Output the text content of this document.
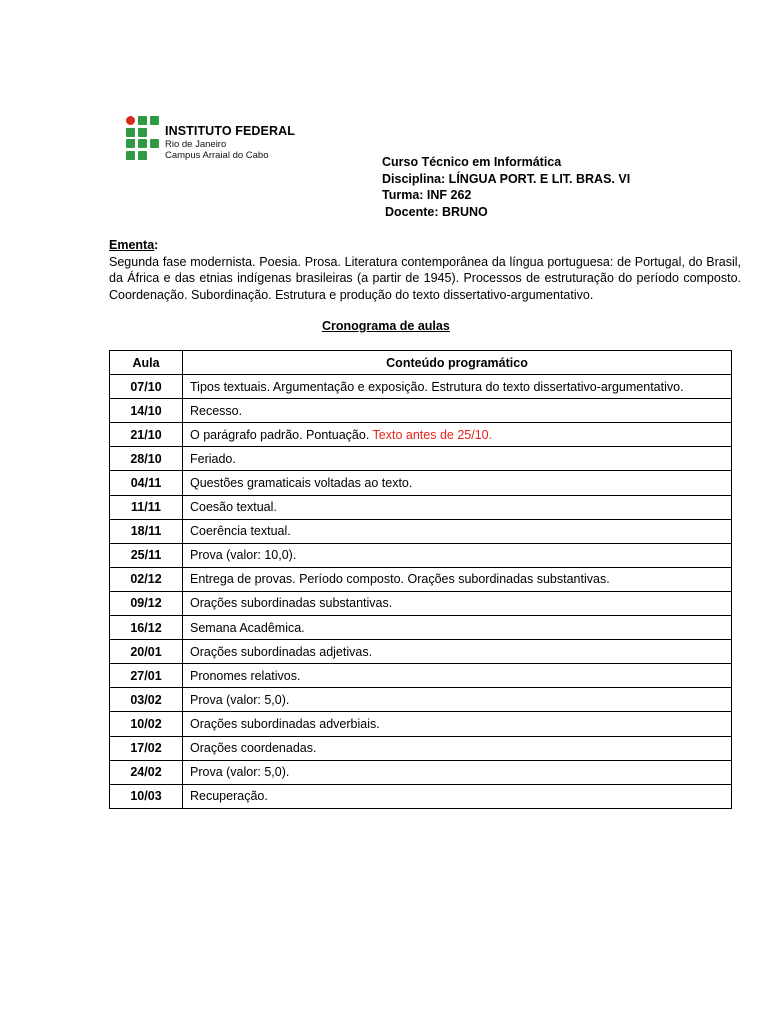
INSTITUTO FEDERAL
Rio de Janeiro
Campus Arraial do Cabo	Curso Técnico em Informática
Disciplina: LÍNGUA PORT. E LIT. BRAS. VI
Turma: INF 262
Docente: BRUNO
Ementa:
Segunda fase modernista. Poesia. Prosa. Literatura contemporânea da língua portuguesa: de Portugal, do Brasil, da África e das etnias indígenas brasileiras (a partir de 1945). Processos de estruturação do período composto. Coordenação. Subordinação. Estrutura e produção do texto dissertativo-argumentativo.
Cronograma de aulas
Aula	Conteúdo programático
07/10	Tipos textuais. Argumentação e exposição. Estrutura do texto dissertativo-argumentativo.
14/10	Recesso.
21/10	O parágrafo padrão. Pontuação. Texto antes de 25/10.
28/10	Feriado.
04/11	Questões gramaticais voltadas ao texto.
11/11	Coesão textual.
18/11	Coerência textual.
25/11	Prova (valor: 10,0).
02/12	Entrega de provas. Período composto. Orações subordinadas substantivas.
09/12	Orações subordinadas substantivas.
16/12	Semana Acadêmica.
20/01	Orações subordinadas adjetivas.
27/01	Pronomes relativos.
03/02	Prova (valor: 5,0).
10/02	Orações subordinadas adverbiais.
17/02	Orações coordenadas.
24/02	Prova (valor: 5,0).
10/03	Recuperação.
